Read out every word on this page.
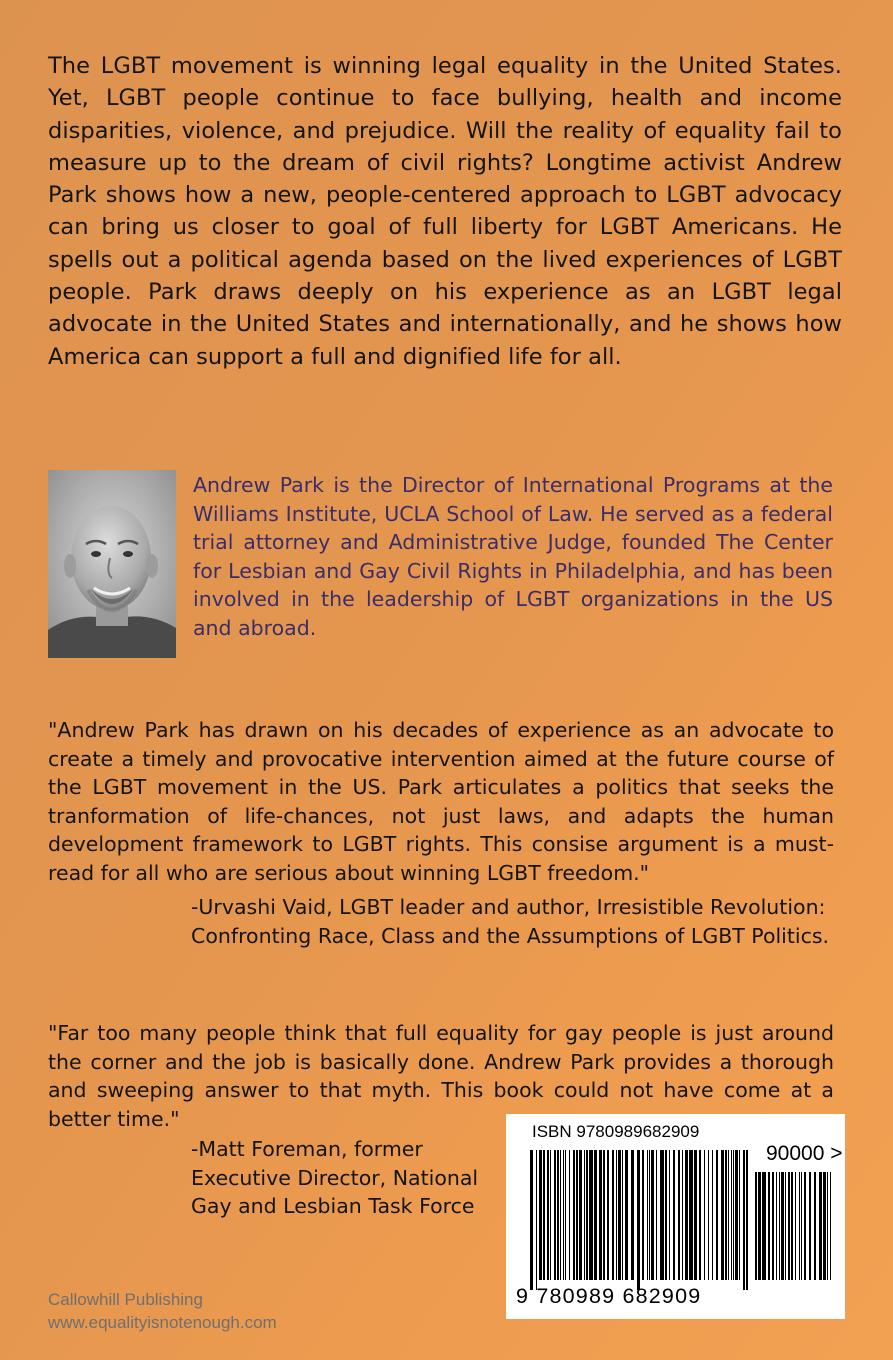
The LGBT movement is winning legal equality in the United States. Yet, LGBT people continue to face bullying, health and income disparities, violence, and prejudice. Will the reality of equality fail to measure up to the dream of civil rights? Longtime activist Andrew Park shows how a new, people-centered approach to LGBT advocacy can bring us closer to goal of full liberty for LGBT Americans. He spells out a political agenda based on the lived experiences of LGBT people. Park draws deeply on his experience as an LGBT legal advocate in the United States and internationally, and he shows how America can support a full and dignified life for all.

Andrew Park is the Director of International Programs at the Williams Institute, UCLA School of Law. He served as a federal trial attorney and Administrative Judge, founded The Center for Lesbian and Gay Civil Rights in Philadelphia, and has been involved in the leadership of LGBT organizations in the US and abroad.

"Andrew Park has drawn on his decades of experience as an advocate to create a timely and provocative intervention aimed at the future course of the LGBT movement in the US. Park articulates a politics that seeks the tranformation of life-chances, not just laws, and adapts the human development framework to LGBT rights. This consise argument is a must-read for all who are serious about winning LGBT freedom."

-Urvashi Vaid, LGBT leader and author, Irresistible Revolution: Confronting Race, Class and the Assumptions of LGBT Politics.

"Far too many people think that full equality for gay people is just around the corner and the job is basically done. Andrew Park provides a thorough and sweeping answer to that myth. This book could not have come at a better time."

-Matt Foreman, former Executive Director, National Gay and Lesbian Task Force

ISBN 9780989682909
90000 >
9 780989 682909
Callowhill Publishing
www.equalityisnotenough.com
